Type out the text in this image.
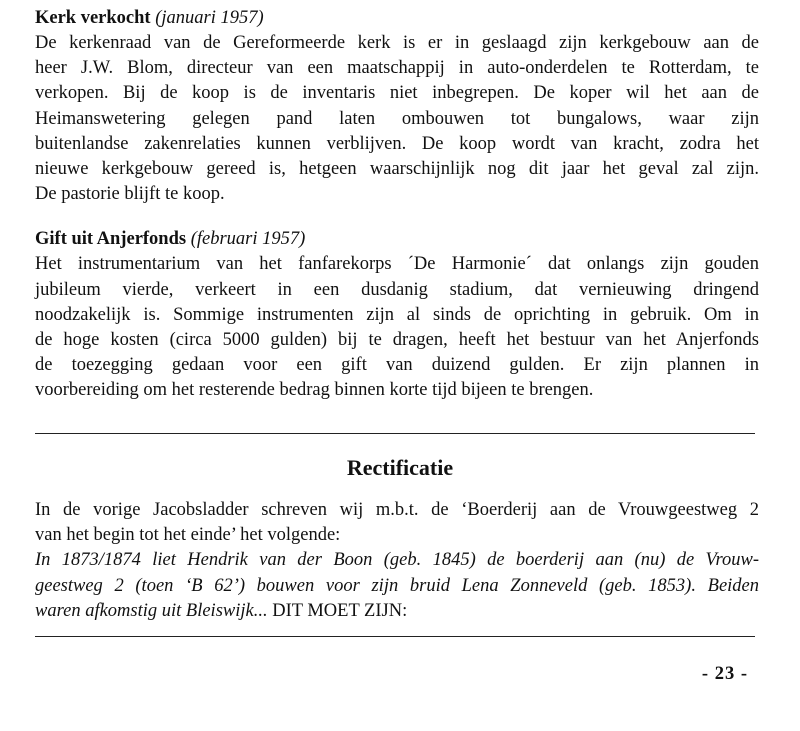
Kerk verkocht (januari 1957)

De kerkenraad van de Gereformeerde kerk is er in geslaagd zijn kerkgebouw aan de
heer J.W. Blom, directeur van een maatschappij in auto-onderdelen te Rotterdam, te
verkopen. Bij de koop is de inventaris niet inbegrepen. De koper wil het aan de
Heimanswetering gelegen pand laten ombouwen tot bungalows, waar zijn
buitenlandse zakenrelaties kunnen verblijven. De koop wordt van kracht, zodra het
nieuwe kerkgebouw gereed is, hetgeen waarschijnlijk nog dit jaar het geval zal zijn.
De pastorie blijft te koop.

Gift uit Anjerfonds (februari 1957)

Het instrumentarium van het fanfarekorps ´De Harmonie´ dat onlangs zijn gouden
jubileum vierde, verkeert in een dusdanig stadium, dat vernieuwing dringend
noodzakelijk is. Sommige instrumenten zijn al sinds de oprichting in gebruik. Om in
de hoge kosten (circa 5000 gulden) bij te dragen, heeft het bestuur van het Anjerfonds
de toezegging gedaan voor een gift van duizend gulden. Er zijn plannen in
voorbereiding om het resterende bedrag binnen korte tijd bijeen te brengen.
Rectificatie
In de vorige Jacobsladder schreven wij m.b.t. de ‘Boerderij aan de Vrouwgeestweg 2
van het begin tot het einde’ het volgende:
In 1873/1874 liet Hendrik van der Boon (geb. 1845) de boerderij aan (nu) de Vrouw-
geestweg 2 (toen ‘B 62’) bouwen voor zijn bruid Lena Zonneveld (geb. 1853). Beiden
waren afkomstig uit Bleiswijk... DIT MOET ZIJN:
- 23 -
